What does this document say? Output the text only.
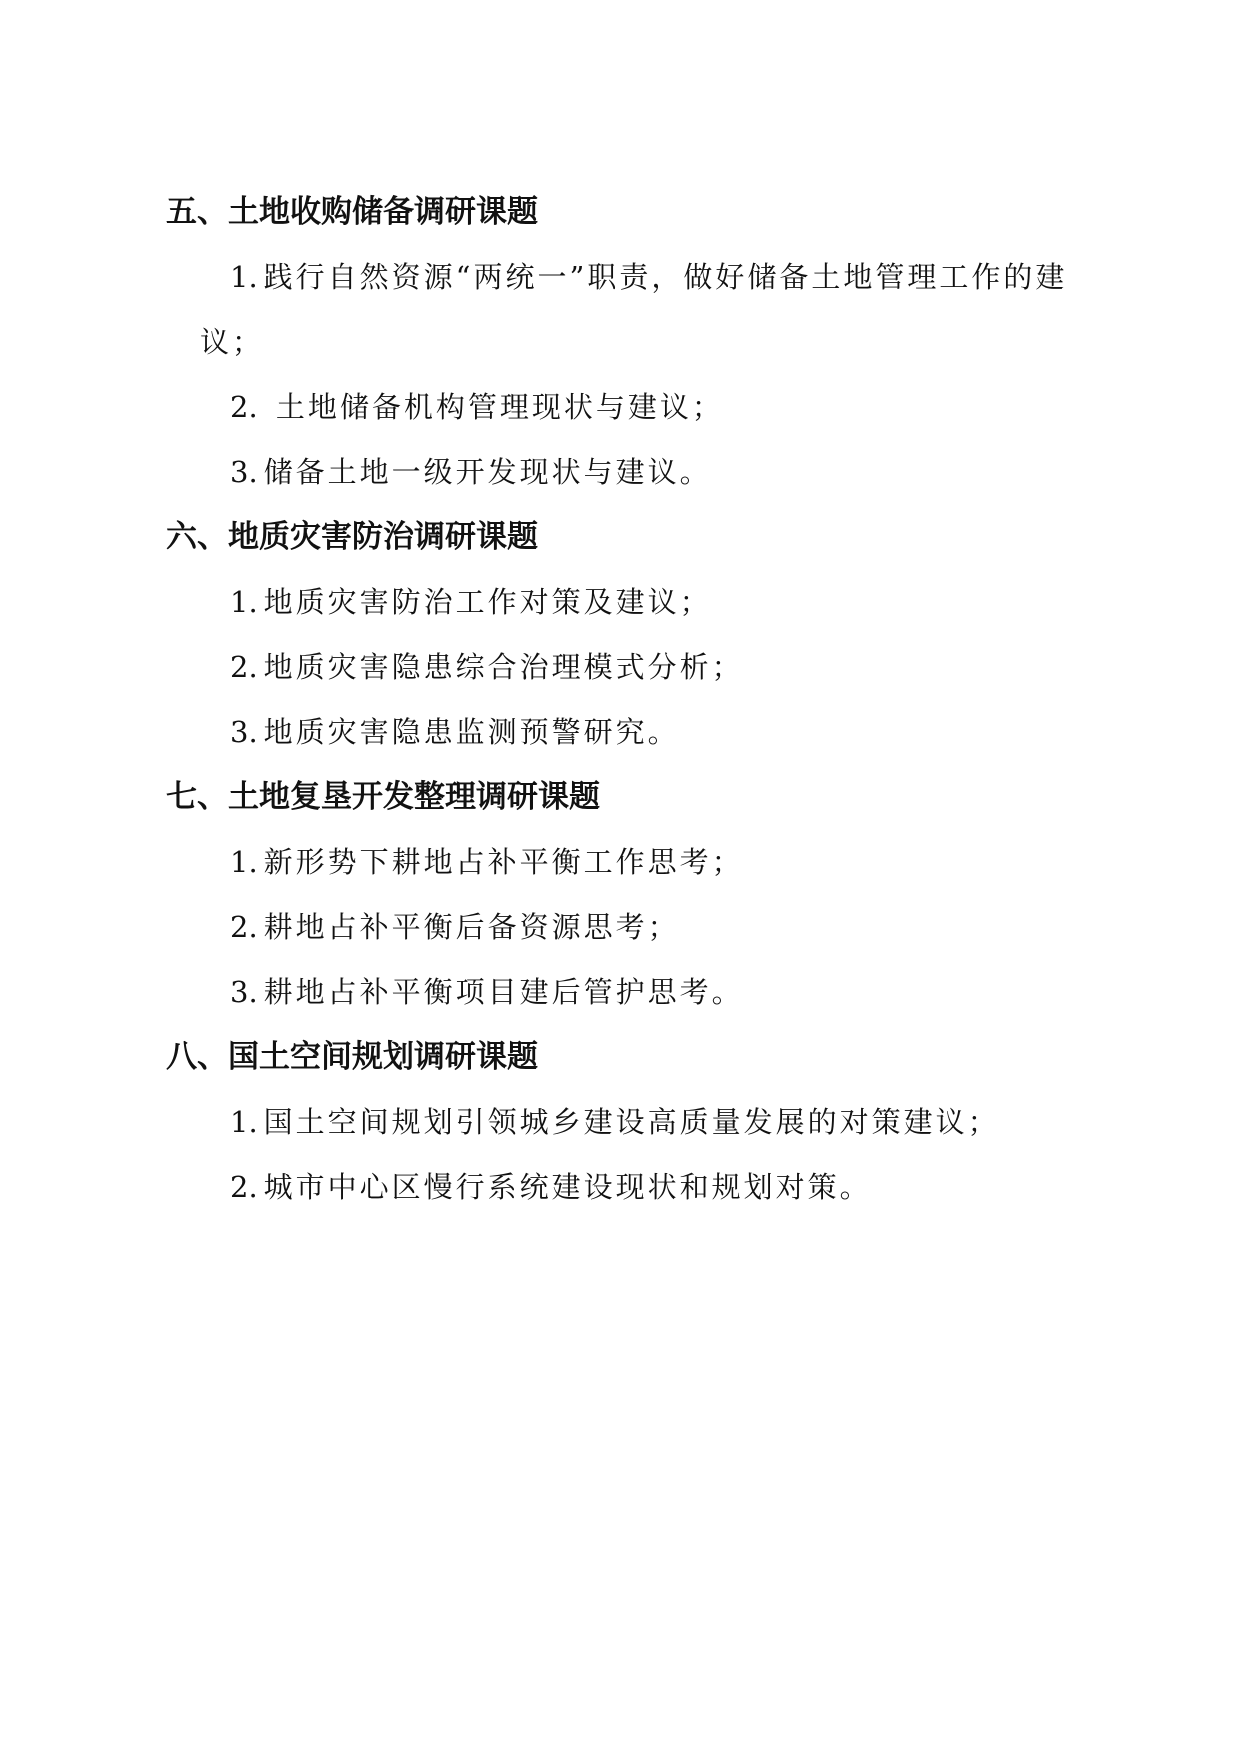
五、土地收购储备调研课题

1. 践行自然资源“两统一”职责，做好储备土地管理工作的建议；

2. 土地储备机构管理现状与建议；

3. 储备土地一级开发现状与建议。

六、地质灾害防治调研课题

1. 地质灾害防治工作对策及建议；

2. 地质灾害隐患综合治理模式分析；

3. 地质灾害隐患监测预警研究。

七、土地复垦开发整理调研课题

1. 新形势下耕地占补平衡工作思考；

2. 耕地占补平衡后备资源思考；

3. 耕地占补平衡项目建后管护思考。

八、国土空间规划调研课题

1. 国土空间规划引领城乡建设高质量发展的对策建议；

2. 城市中心区慢行系统建设现状和规划对策。
